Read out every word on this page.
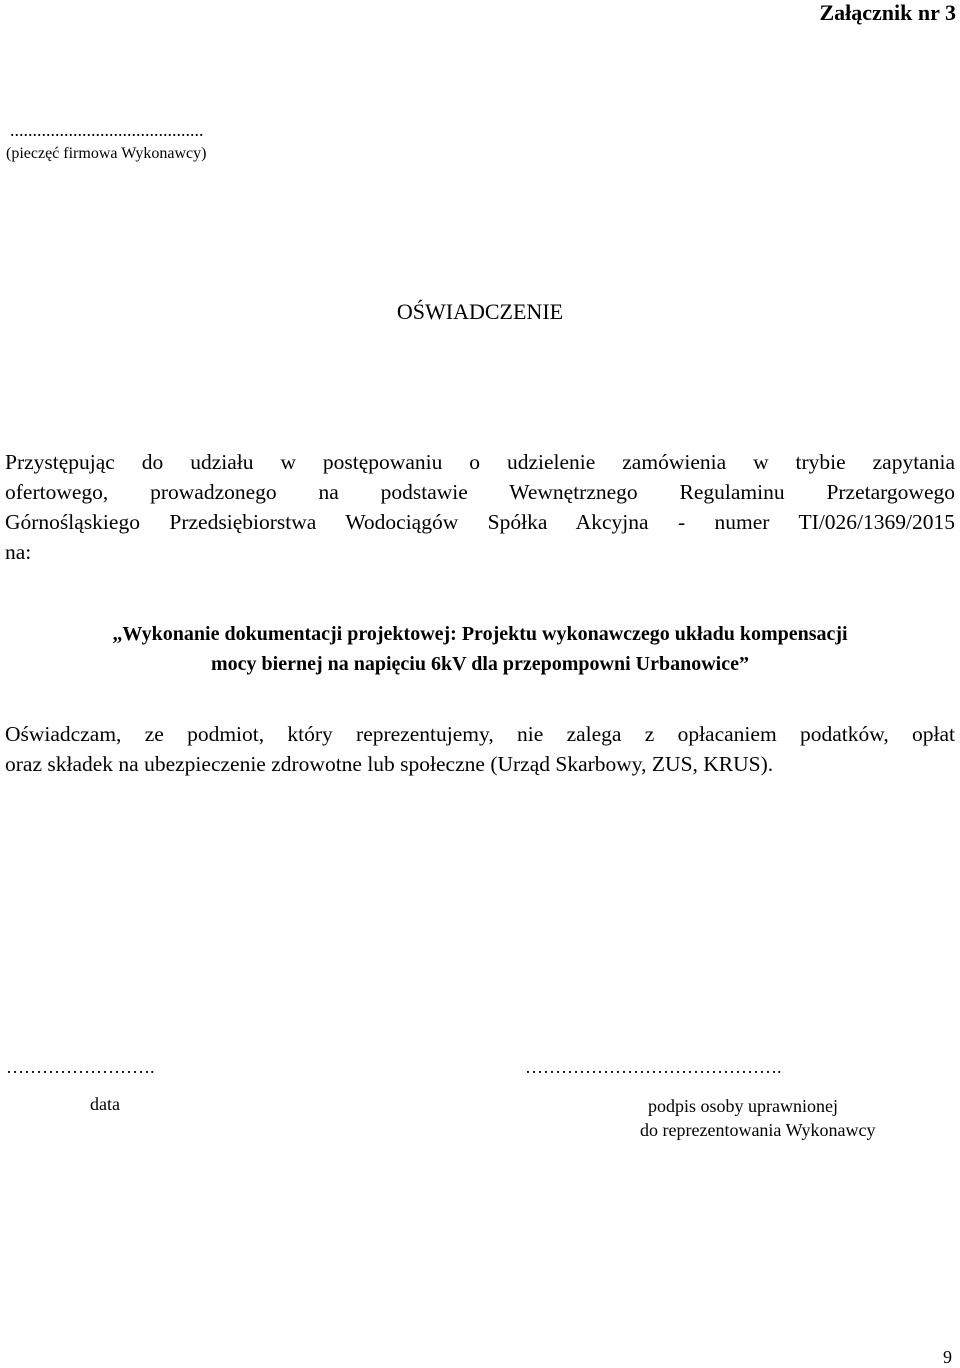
Załącznik nr 3
...........................................
(pieczęć firmowa Wykonawcy)
OŚWIADCZENIE
Przystępując do udziału w postępowaniu o udzielenie zamówienia w trybie zapytania
ofertowego, prowadzonego na podstawie Wewnętrznego Regulaminu Przetargowego
Górnośląskiego Przedsiębiorstwa Wodociągów Spółka Akcyjna - numer TI/026/1369/2015
na:
„Wykonanie dokumentacji projektowej: Projektu wykonawczego układu kompensacji
mocy biernej na napięciu 6kV dla przepompowni Urbanowice”
Oświadczam, ze podmiot, który reprezentujemy, nie zalega z opłacaniem podatków, opłat
oraz składek na ubezpieczenie zdrowotne lub społeczne (Urząd Skarbowy, ZUS, KRUS).
…………………….	…………………………………….
data	podpis osoby uprawnionej
do reprezentowania Wykonawcy
9
